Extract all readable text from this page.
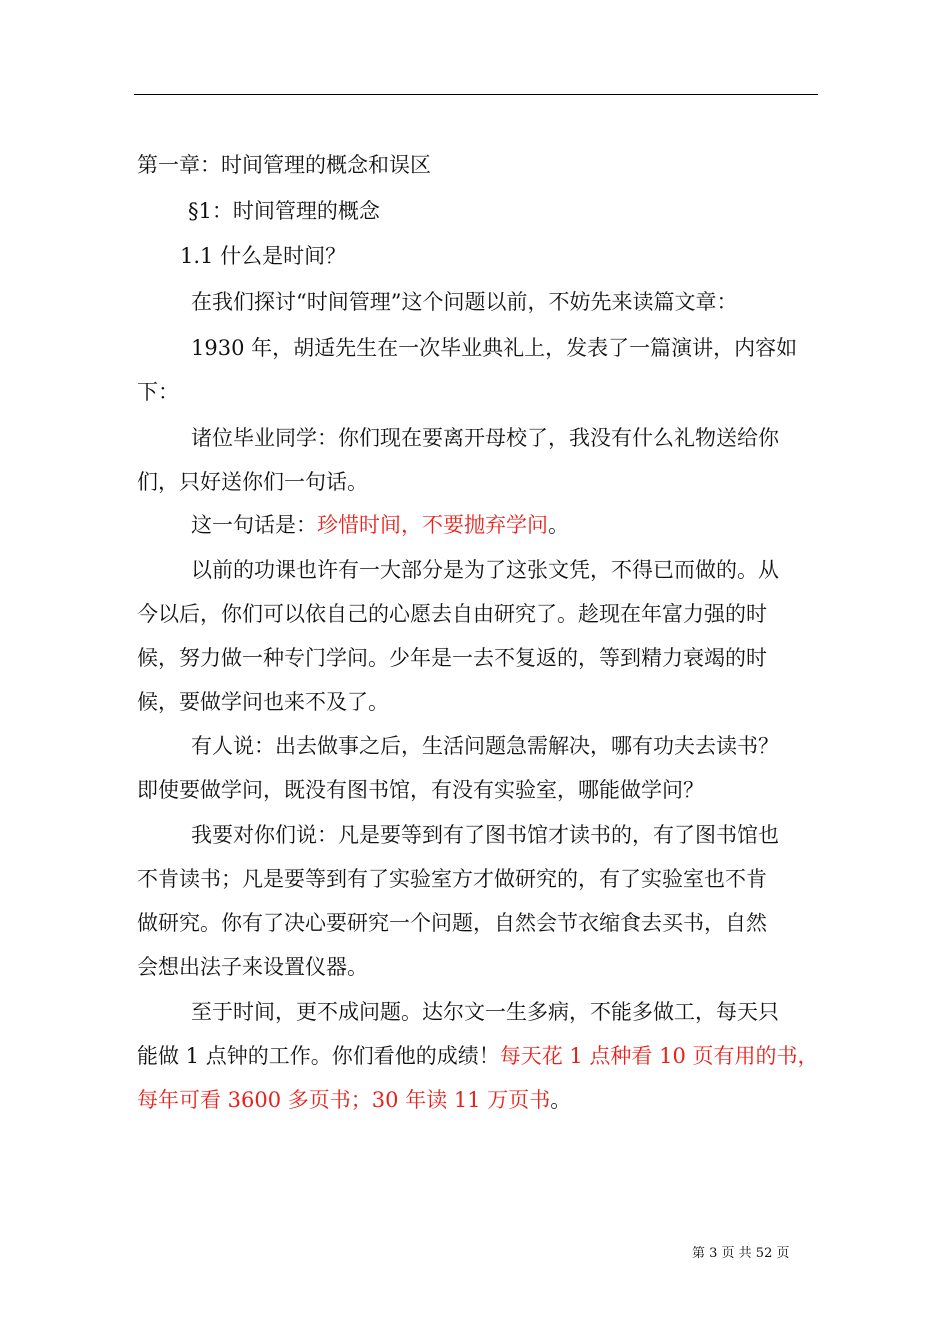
第一章：时间管理的概念和误区
§1：时间管理的概念
1.1 什么是时间？
在我们探讨“时间管理”这个问题以前，不妨先来读篇文章：
1930 年，胡适先生在一次毕业典礼上，发表了一篇演讲，内容如
下：
诸位毕业同学：你们现在要离开母校了，我没有什么礼物送给你
们，只好送你们一句话。
这一句话是：珍惜时间，不要抛弃学问。
以前的功课也许有一大部分是为了这张文凭，不得已而做的。从
今以后，你们可以依自己的心愿去自由研究了。趁现在年富力强的时
候，努力做一种专门学问。少年是一去不复返的，等到精力衰竭的时
候，要做学问也来不及了。
有人说：出去做事之后，生活问题急需解决，哪有功夫去读书？
即使要做学问，既没有图书馆，有没有实验室，哪能做学问？
我要对你们说：凡是要等到有了图书馆才读书的，有了图书馆也
不肯读书；凡是要等到有了实验室方才做研究的，有了实验室也不肯
做研究。你有了决心要研究一个问题，自然会节衣缩食去买书，自然
会想出法子来设置仪器。
至于时间，更不成问题。达尔文一生多病，不能多做工，每天只
能做 1 点钟的工作。你们看他的成绩！每天花 1 点种看 10 页有用的书，
每年可看 3600 多页书；30 年读 11 万页书。
第 3 页 共 52 页
